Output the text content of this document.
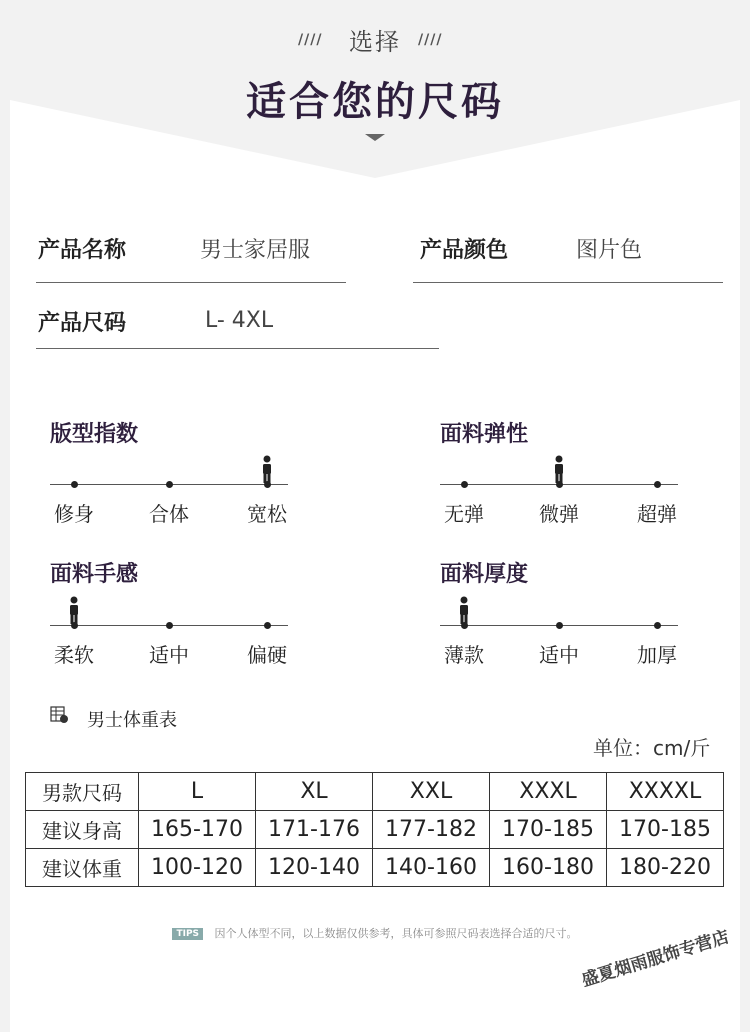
//// 选择 ////
适合您的尺码
产品名称	男士家居服	产品颜色	图片色
产品尺码	L- 4XL
版型指数
修身	合体	宽松
面料弹性
无弹	微弹	超弹
面料手感
柔软	适中	偏硬
面料厚度
薄款	适中	加厚
男士体重表
单位：cm/斤
男款尺码	L	XL	XXL	XXXL	XXXXL
建议身高	165-170	171-176	177-182	170-185	170-185
建议体重	100-120	120-140	140-160	160-180	180-220
TIPS 因个人体型不同，以上数据仅供参考，具体可参照尺码表选择合适的尺寸。 盛夏烟雨服饰专营店
